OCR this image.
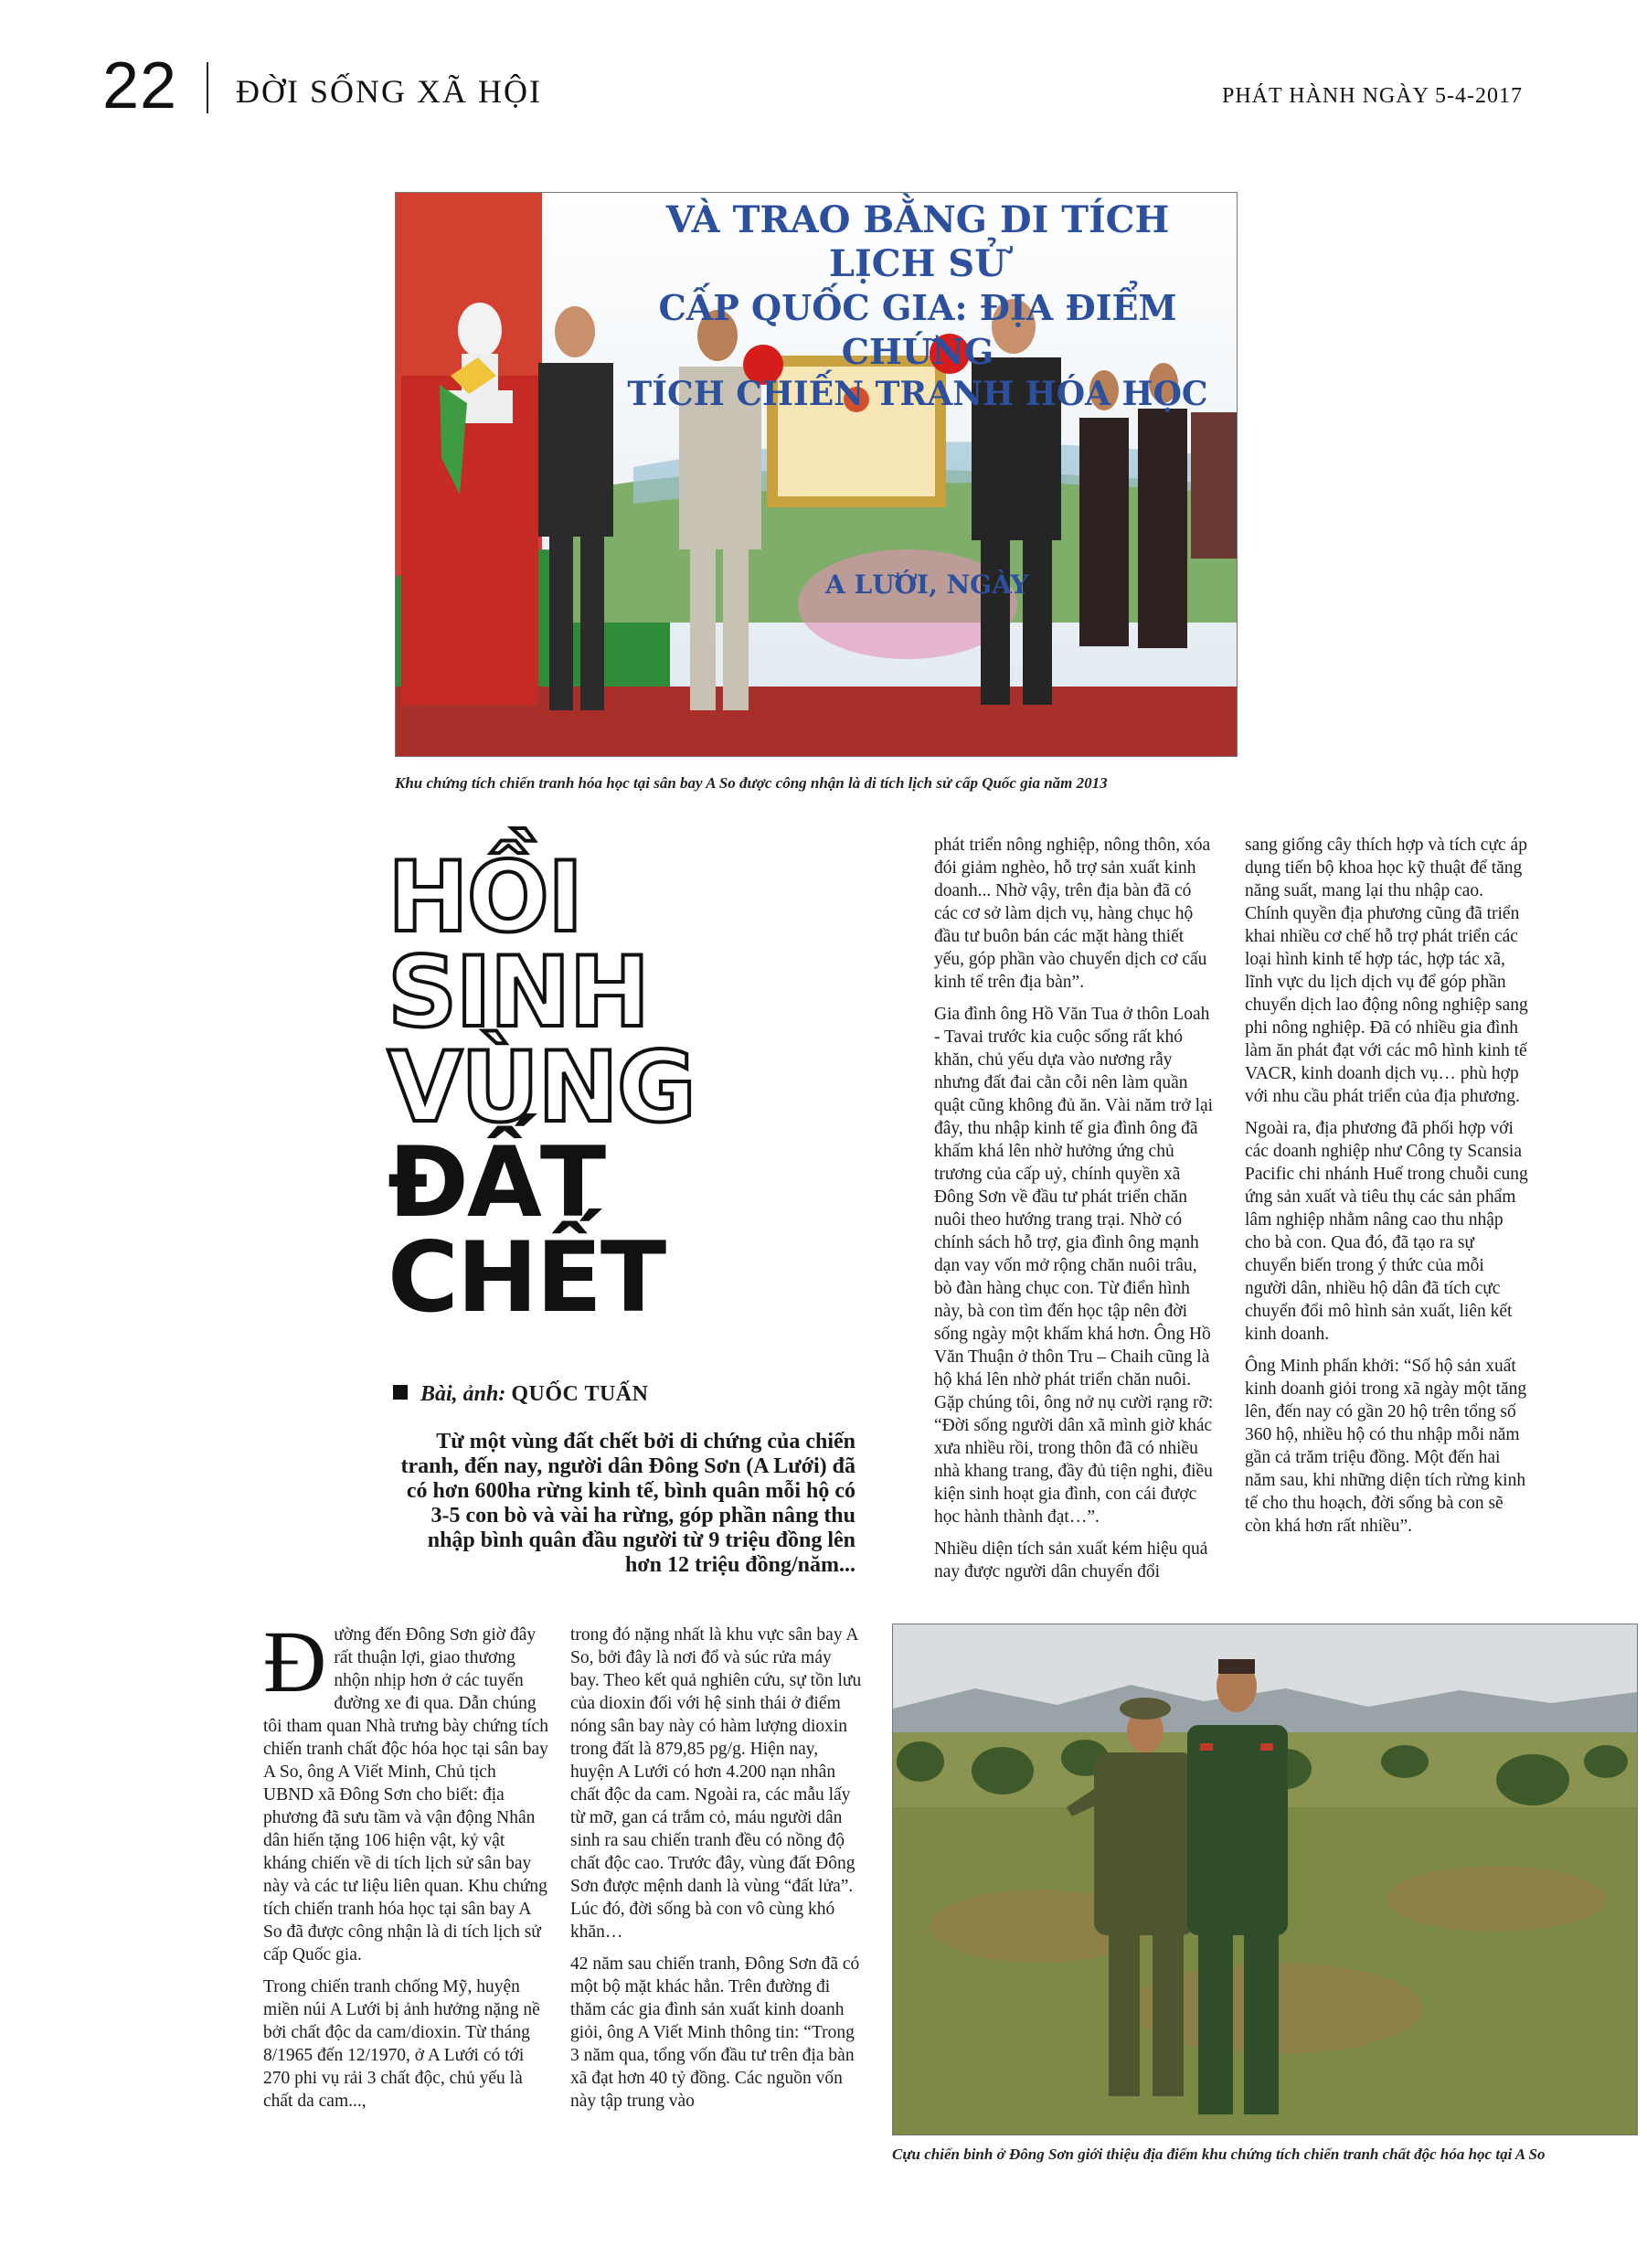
22 ĐỜI SỐNG XÃ HỘI	PHÁT HÀNH NGÀY 5-4-2017
VÀ TRAO BẰNG DI TÍCH LỊCH SỬ
CẤP QUỐC GIA: ĐỊA ĐIỂM CHỨNG
TÍCH CHIẾN TRANH HÓA HỌC
A LƯỚI, NGÀY
Khu chứng tích chiến tranh hóa học tại sân bay A So được công nhận là di tích lịch sử cấp Quốc gia năm 2013
HỒI
SINH
VÙNG
ĐẤT
CHẾT
Bài, ảnh: QUỐC TUẤN
Từ một vùng đất chết bởi di chứng của chiến tranh, đến nay, người dân Đông Sơn (A Lưới) đã có hơn 600ha rừng kinh tế, bình quân mỗi hộ có 3-5 con bò và vài ha rừng, góp phần nâng thu nhập bình quân đầu người từ 9 triệu đồng lên hơn 12 triệu đồng/năm...

phát triển nông nghiệp, nông thôn, xóa đói giảm nghèo, hỗ trợ sản xuất kinh doanh... Nhờ vậy, trên địa bàn đã có các cơ sở làm dịch vụ, hàng chục hộ đầu tư buôn bán các mặt hàng thiết yếu, góp phần vào chuyển dịch cơ cấu kinh tế trên địa bàn”.

Gia đình ông Hồ Văn Tua ở thôn Loah - Tavai trước kia cuộc sống rất khó khăn, chủ yếu dựa vào nương rẫy nhưng đất đai cằn cỗi nên làm quần quật cũng không đủ ăn. Vài năm trở lại đây, thu nhập kinh tế gia đình ông đã khấm khá lên nhờ hưởng ứng chủ trương của cấp uỷ, chính quyền xã Đông Sơn về đầu tư phát triển chăn nuôi theo hướng trang trại. Nhờ có chính sách hỗ trợ, gia đình ông mạnh dạn vay vốn mở rộng chăn nuôi trâu, bò đàn hàng chục con. Từ điển hình này, bà con tìm đến học tập nên đời sống ngày một khấm khá hơn. Ông Hồ Văn Thuận ở thôn Tru – Chaih cũng là hộ khá lên nhờ phát triển chăn nuôi. Gặp chúng tôi, ông nở nụ cười rạng rỡ: “Đời sống người dân xã mình giờ khác xưa nhiều rồi, trong thôn đã có nhiều nhà khang trang, đầy đủ tiện nghi, điều kiện sinh hoạt gia đình, con cái được học hành thành đạt…”.

Nhiều diện tích sản xuất kém hiệu quả nay được người dân chuyển đổi

sang giống cây thích hợp và tích cực áp dụng tiến bộ khoa học kỹ thuật để tăng năng suất, mang lại thu nhập cao. Chính quyền địa phương cũng đã triển khai nhiều cơ chế hỗ trợ phát triển các loại hình kinh tế hợp tác, hợp tác xã, lĩnh vực du lịch dịch vụ để góp phần chuyển dịch lao động nông nghiệp sang phi nông nghiệp. Đã có nhiều gia đình làm ăn phát đạt với các mô hình kinh tế VACR, kinh doanh dịch vụ… phù hợp với nhu cầu phát triển của địa phương.

Ngoài ra, địa phương đã phối hợp với các doanh nghiệp như Công ty Scansia Pacific chi nhánh Huế trong chuỗi cung ứng sản xuất và tiêu thụ các sản phẩm lâm nghiệp nhằm nâng cao thu nhập cho bà con. Qua đó, đã tạo ra sự chuyển biến trong ý thức của mỗi người dân, nhiều hộ dân đã tích cực chuyển đổi mô hình sản xuất, liên kết kinh doanh.

Ông Minh phấn khởi: “Số hộ sản xuất kinh doanh giỏi trong xã ngày một tăng lên, đến nay có gần 20 hộ trên tổng số 360 hộ, nhiều hộ có thu nhập mỗi năm gần cả trăm triệu đồng. Một đến hai năm sau, khi những diện tích rừng kinh tế cho thu hoạch, đời sống bà con sẽ còn khá hơn rất nhiều”.

Đường đến Đông Sơn giờ đây rất thuận lợi, giao thương nhộn nhịp hơn ở các tuyến đường xe đi qua. Dẫn chúng tôi tham quan Nhà trưng bày chứng tích chiến tranh chất độc hóa học tại sân bay A So, ông A Viết Minh, Chủ tịch UBND xã Đông Sơn cho biết: địa phương đã sưu tầm và vận động Nhân dân hiến tặng 106 hiện vật, kỷ vật kháng chiến về di tích lịch sử sân bay này và các tư liệu liên quan. Khu chứng tích chiến tranh hóa học tại sân bay A So đã được công nhận là di tích lịch sử cấp Quốc gia.

Trong chiến tranh chống Mỹ, huyện miền núi A Lưới bị ảnh hưởng nặng nề bởi chất độc da cam/dioxin. Từ tháng 8/1965 đến 12/1970, ở A Lưới có tới 270 phi vụ rải 3 chất độc, chủ yếu là chất da cam...,

trong đó nặng nhất là khu vực sân bay A So, bởi đây là nơi đổ và súc rửa máy bay. Theo kết quả nghiên cứu, sự tồn lưu của dioxin đối với hệ sinh thái ở điểm nóng sân bay này có hàm lượng dioxin trong đất là 879,85 pg/g. Hiện nay, huyện A Lưới có hơn 4.200 nạn nhân chất độc da cam. Ngoài ra, các mẫu lấy từ mỡ, gan cá trắm cỏ, máu người dân sinh ra sau chiến tranh đều có nồng độ chất độc cao. Trước đây, vùng đất Đông Sơn được mệnh danh là vùng “đất lửa”. Lúc đó, đời sống bà con vô cùng khó khăn…

42 năm sau chiến tranh, Đông Sơn đã có một bộ mặt khác hẳn. Trên đường đi thăm các gia đình sản xuất kinh doanh giỏi, ông A Viết Minh thông tin: “Trong 3 năm qua, tổng vốn đầu tư trên địa bàn xã đạt hơn 40 tỷ đồng. Các nguồn vốn này tập trung vào

Cựu chiến binh ở Đông Sơn giới thiệu địa điểm khu chứng tích chiến tranh chất độc hóa học tại A So
